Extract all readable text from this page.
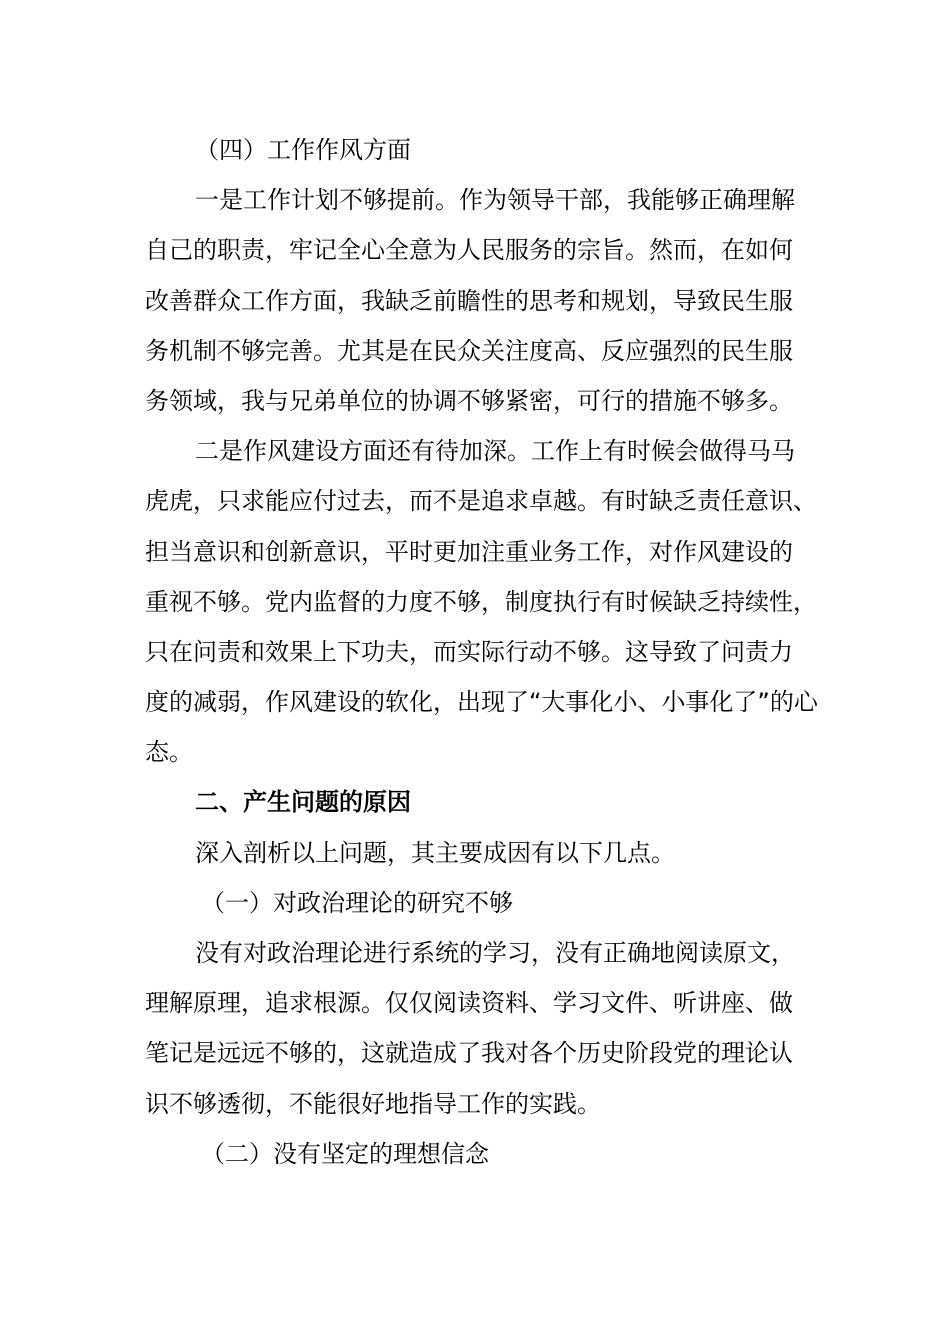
（四）工作作风方面
一是工作计划不够提前。作为领导干部，我能够正确理解
自己的职责，牢记全心全意为人民服务的宗旨。然而，在如何
改善群众工作方面，我缺乏前瞻性的思考和规划，导致民生服
务机制不够完善。尤其是在民众关注度高、反应强烈的民生服
务领域，我与兄弟单位的协调不够紧密，可行的措施不够多。
二是作风建设方面还有待加深。工作上有时候会做得马马
虎虎，只求能应付过去，而不是追求卓越。有时缺乏责任意识、
担当意识和创新意识，平时更加注重业务工作，对作风建设的
重视不够。党内监督的力度不够，制度执行有时候缺乏持续性，
只在问责和效果上下功夫，而实际行动不够。这导致了问责力
度的减弱，作风建设的软化，出现了“大事化小、小事化了”的心
态。
二、产生问题的原因
深入剖析以上问题，其主要成因有以下几点。
（一）对政治理论的研究不够
没有对政治理论进行系统的学习，没有正确地阅读原文，
理解原理，追求根源。仅仅阅读资料、学习文件、听讲座、做
笔记是远远不够的，这就造成了我对各个历史阶段党的理论认
识不够透彻，不能很好地指导工作的实践。
（二）没有坚定的理想信念
